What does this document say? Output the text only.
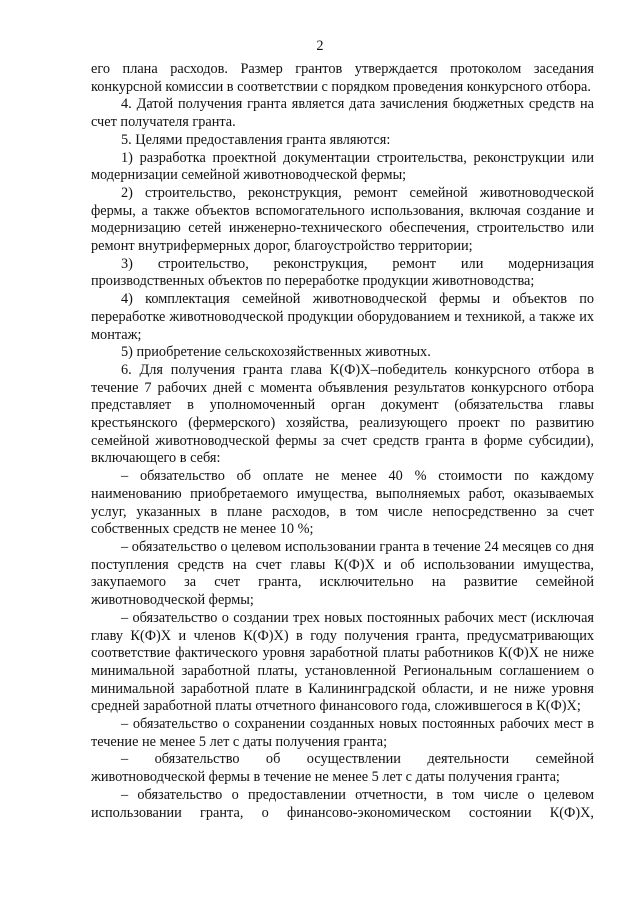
2

его плана расходов. Размер грантов утверждается протоколом заседания конкурсной комиссии в соответствии с порядком проведения конкурсного отбора.

4. Датой получения гранта является дата зачисления бюджетных средств на счет получателя гранта.

5. Целями предоставления гранта являются:

1) разработка проектной документации строительства, реконструкции или модернизации семейной животноводческой фермы;

2) строительство, реконструкция, ремонт семейной животноводческой фермы, а также объектов вспомогательного использования, включая создание и модернизацию сетей инженерно-технического обеспечения, строительство или ремонт внутрифермерных дорог, благоустройство территории;

3) строительство, реконструкция, ремонт или модернизация производственных объектов по переработке продукции животноводства;

4) комплектация семейной животноводческой фермы и объектов по переработке животноводческой продукции оборудованием и техникой, а также их монтаж;

5) приобретение сельскохозяйственных животных.

6. Для получения гранта глава К(Ф)Х–победитель конкурсного отбора в течение 7 рабочих дней с момента объявления результатов конкурсного отбора представляет в уполномоченный орган документ (обязательства главы крестьянского (фермерского) хозяйства, реализующего проект по развитию семейной животноводческой фермы за счет средств гранта в форме субсидии), включающего в себя:

– обязательство об оплате не менее 40 % стоимости по каждому наименованию приобретаемого имущества, выполняемых работ, оказываемых услуг, указанных в плане расходов, в том числе непосредственно за счет собственных средств не менее 10 %;

– обязательство о целевом использовании гранта в течение 24 месяцев со дня поступления средств на счет главы К(Ф)Х и об использовании имущества, закупаемого за счет гранта, исключительно на развитие семейной животноводческой фермы;

– обязательство о создании трех новых постоянных рабочих мест (исключая главу К(Ф)Х и членов К(Ф)Х) в году получения гранта, предусматривающих соответствие фактического уровня заработной платы работников К(Ф)Х не ниже минимальной заработной платы, установленной Региональным соглашением о минимальной заработной плате в Калининградской области, и не ниже уровня средней заработной платы отчетного финансового года, сложившегося в К(Ф)Х;

– обязательство о сохранении созданных новых постоянных рабочих мест в течение не менее 5 лет с даты получения гранта;

– обязательство об осуществлении деятельности семейной животноводческой фермы в течение не менее 5 лет с даты получения гранта;

– обязательство о предоставлении отчетности, в том числе о целевом использовании гранта, о финансово-экономическом состоянии К(Ф)Х,
